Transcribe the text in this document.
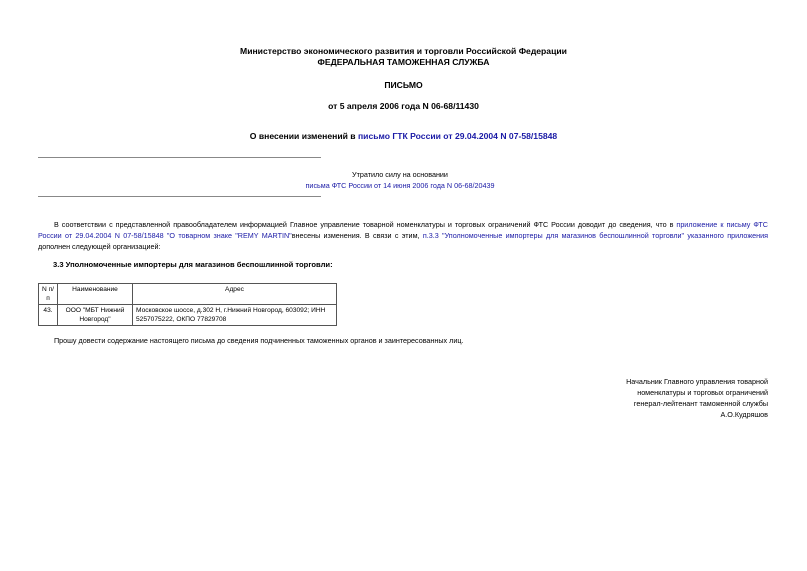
Министерство экономического развития и торговли Российской Федерации
ФЕДЕРАЛЬНАЯ ТАМОЖЕННАЯ СЛУЖБА
ПИСЬМО
от 5 апреля 2006 года N 06-68/11430
О внесении изменений в письмо ГТК России от 29.04.2004 N 07-58/15848
Утратило силу на основании
письма ФТС России от 14 июня 2006 года N 06-68/20439
В соответствии с представленной правообладателем информацией Главное управление товарной номенклатуры и торговых ограничений ФТС России доводит до сведения, что в приложение к письму ФТС России от 29.04.2004 N 07-58/15848 "О товарном знаке "REMY MARTIN"внесены изменения. В связи с этим, п.3.3 "Уполномоченные импортеры для магазинов беспошлинной торговли" указанного приложения дополнен следующей организацией:
3.3 Уполномоченные импортеры для магазинов беспошлинной торговли:
N п/п	Наименование	Адрес
43.	ООО "МБТ Нижний Новгород"	Московское шоссе, д.302 Н, г.Нижний Новгород, 603092; ИНН 5257075222, ОКПО 77829708
Прошу довести содержание настоящего письма до сведения подчиненных таможенных органов и заинтересованных лиц.
Начальник Главного управления товарной
номенклатуры и торговых ограничений
генерал-лейтенант таможенной службы
А.О.Кудряшов
